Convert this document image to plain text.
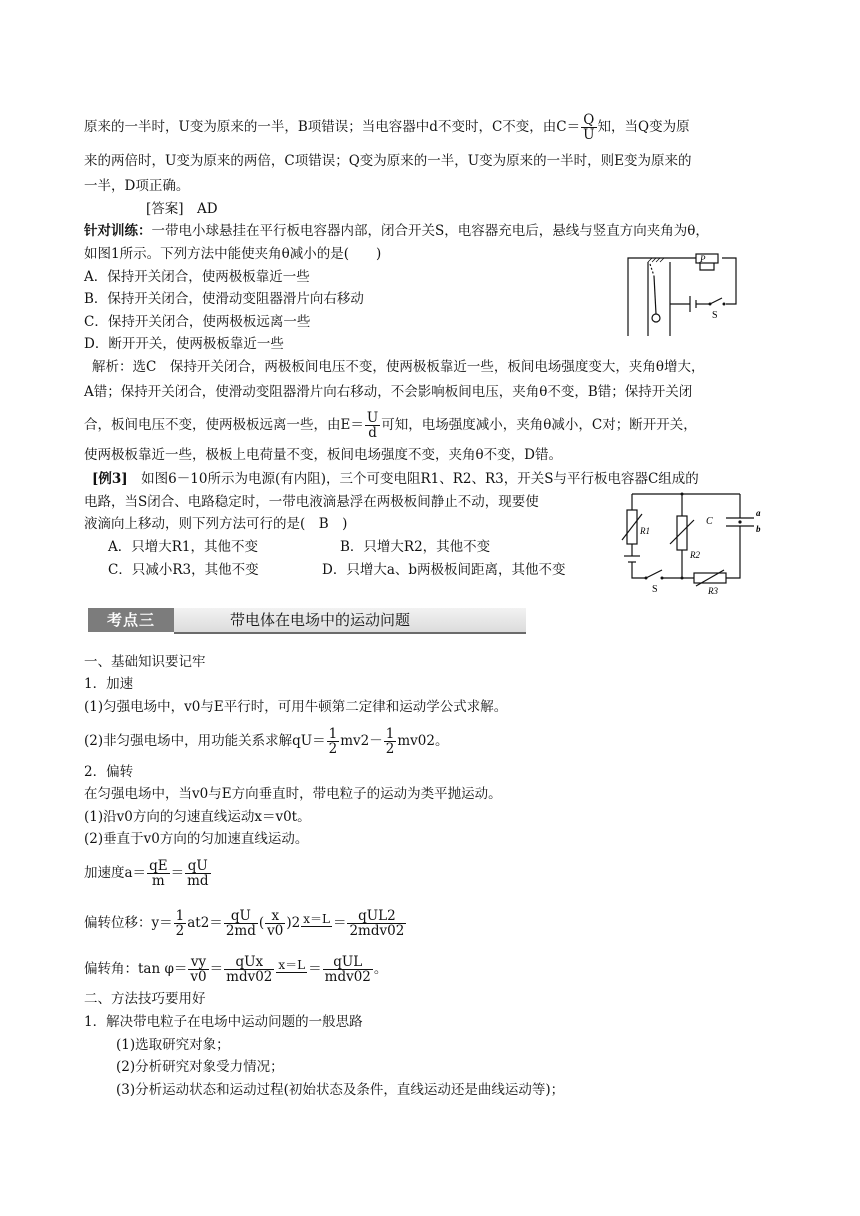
原来的一半时，U变为原来的一半，B项错误；当电容器中d不变时，C不变，由$C= \frac{Q}{U}$ 知，当Q变为原
来的两倍时，U变为原来的两倍，C项错误；Q变为原来的一半，U变为原来的一半时，则E变为原来的
一半，D项正确。
[答案]　AD
针对训练：一带电小球悬挂在平行板电容器内部，闭合开关S，电容器充电后，悬线与竖直方向夹角为θ，
如图1所示。下列方法中能使夹角θ减小的是(　　)
A．保持开关闭合，使两极板靠近一些
B．保持开关闭合，使滑动变阻器滑片向右移动
C．保持开关闭合，使两极板远离一些
D．断开开关，使两极板靠近一些
解析：选C　保持开关闭合，两极板间电压不变，使两极板靠近一些，板间电场强度变大，夹角θ增大，
A错；保持开关闭合，使滑动变阻器滑片向右移动，不会影响板间电压，夹角θ不变，B错；保持开关闭
合，板间电压不变，使两极板远离一些，由$E= \frac{U}{d}$ 可知，电场强度减小，夹角θ减小，C对；断开开关，
使两极板靠近一些，极板上电荷量不变，板间电场强度不变，夹角θ不变，D错。
[例3]　如图6－10所示为电源(有内阻)，三个可变电阻R1、R2、R3，开关S与平行板电容器C组成的
电路，当S闭合、电路稳定时，一带电液滴悬浮在两极板间静止不动，现要使
液滴向上移动，则下列方法可行的是(　B　)
A．只增大R1，其他不变	B．只增大R2，其他不变
C．只减小R3，其他不变	D．只增大a、b两极板间距离，其他不变
P
S
R1
R2
R3
C
a
b
S
考点三	带电体在电场中的运动问题
一、基础知识要记牢
1．加速
(1)匀强电场中，v0与E平行时，可用牛顿第二定律和运动学公式求解。
(2)非匀强电场中，用功能关系求解$qU= \frac{1}{2} mv2- \frac{1}{2} mv02$。
2．偏转
在匀强电场中，当v0与E方向垂直时，带电粒子的运动为类平抛运动。
(1)沿v0方向的匀速直线运动x＝v0t。
(2)垂直于v0方向的匀加速直线运动。
加速度$a= \frac{qE}{m} = \frac{qU}{md}$
偏转位移：$y= \frac{1}{2} at2= \frac{qU}{2md}$ ( $\frac{x}{v0} )2$ $x=L = \frac{\text{qUL2}}{\text{2mdv02}}$
偏转角：$\tan \varphi= \frac{vy}{v0} = \frac{\text{qUx}}{\text{mdv02}} x=L = \frac{\text{qUL}}{\text{mdv02}}$ 。
二、方法技巧要用好
1．解决带电粒子在电场中运动问题的一般思路
(1)选取研究对象；
(2)分析研究对象受力情况；
(3)分析运动状态和运动过程(初始状态及条件，直线运动还是曲线运动等)；
